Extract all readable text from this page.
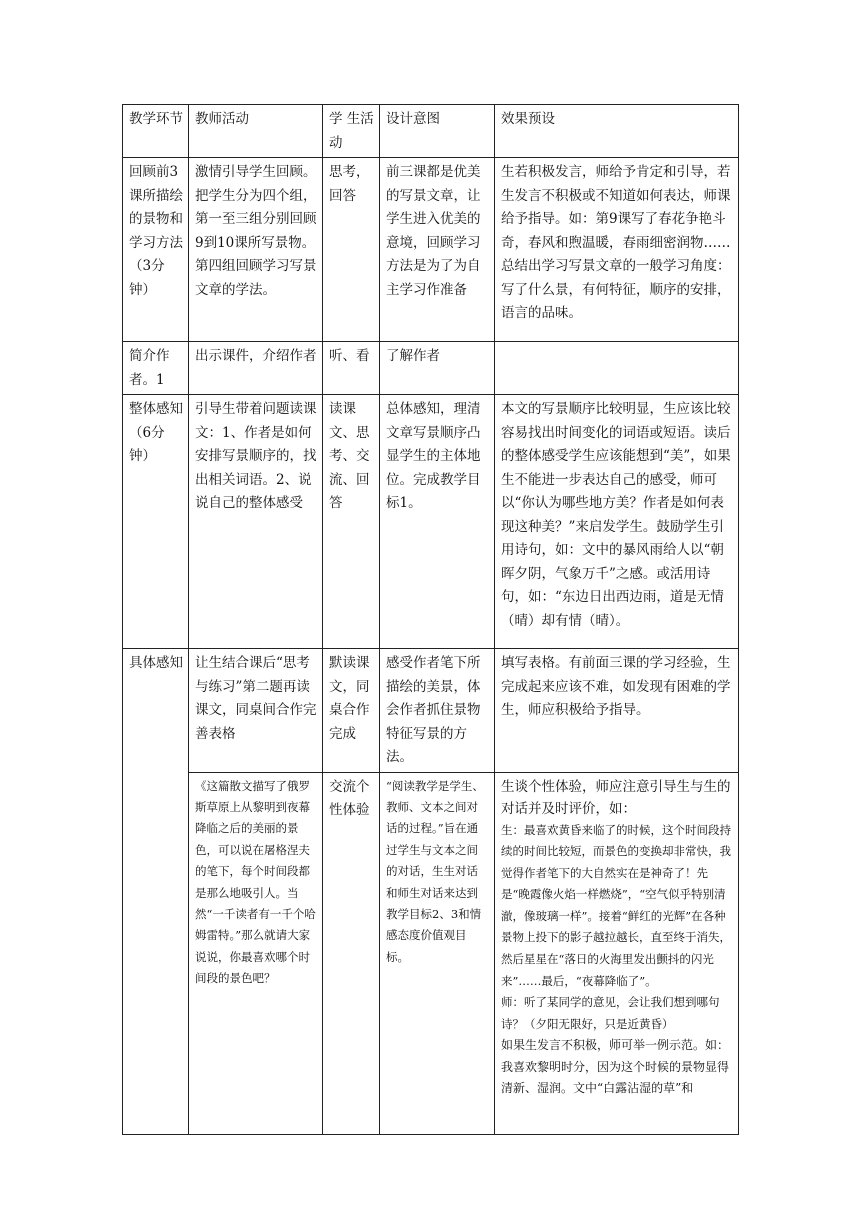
教学环节	教师活动	学 生活动	设计意图	效果预设
回顾前3课所描绘的景物和学习方法（3分钟）	激情引导学生回顾。把学生分为四个组，第一至三组分别回顾9到10课所写景物。第四组回顾学习写景文章的学法。	思考，回答	前三课都是优美的写景文章，让学生进入优美的意境，回顾学习方法是为了为自主学习作准备	生若积极发言，师给予肯定和引导，若生发言不积极或不知道如何表达，师课给予指导。如：第9课写了春花争艳斗奇，春风和煦温暖，春雨细密润物……
总结出学习写景文章的一般学习角度：写了什么景，有何特征，顺序的安排，语言的品味。
简介作者。1	出示课件，介绍作者	听、看	了解作者	
整体感知（6分钟）	引导生带着问题读课文：1、作者是如何安排写景顺序的，找出相关词语。2、说说自己的整体感受	读课文、思考、交流、回答	总体感知，理清文章写景顺序凸显学生的主体地位。完成教学目标1。	本文的写景顺序比较明显，生应该比较容易找出时间变化的词语或短语。读后的整体感受学生应该能想到“美”，如果生不能进一步表达自己的感受，师可以“你认为哪些地方美？作者是如何表现这种美？”来启发学生。鼓励学生引用诗句，如：文中的暴风雨给人以“朝晖夕阴，气象万千”之感。或活用诗句，如：“东边日出西边雨，道是无情（晴）却有情（晴）。
具体感知	让生结合课后“思考与练习”第二题再读课文，同桌间合作完善表格	默读课文，同桌合作完成	感受作者笔下所描绘的美景，体会作者抓住景物特征写景的方法。	填写表格。有前面三课的学习经验，生完成起来应该不难，如发现有困难的学生，师应积极给予指导。
	《这篇散文描写了俄罗斯草原上从黎明到夜幕降临之后的美丽的景色，可以说在屠格涅夫的笔下，每个时间段都是那么地吸引人。当然“一千读者有一千个哈姆雷特。”那么就请大家说说，你最喜欢哪个时间段的景色吧？	交流个性体验	“阅读教学是学生、教师、文本之间对话的过程。”旨在通过学生与文本之间的对话，生生对话和师生对话来达到教学目标2、3和情感态度价值观目标。	生谈个性体验，师应注意引导生与生的对话并及时评价，如：
生：最喜欢黄昏来临了的时候，这个时间段持续的时间比较短，而景色的变换却非常快，我觉得作者笔下的大自然实在是神奇了！先是“晚霞像火焰一样燃烧”，“空气似乎特别清澈，像玻璃一样”。接着“鲜红的光辉”在各种景物上投下的影子越拉越长，直至终于消失，然后星星在“落日的火海里发出颤抖的闪光来”……最后，“夜幕降临了”。
师：听了某同学的意见，会让我们想到哪句诗？（夕阳无限好，只是近黄昏）
如果生发言不积极，师可举一例示范。如：我喜欢黎明时分，因为这个时候的景物显得清新、湿润。文中“白露沾湿的草”和
